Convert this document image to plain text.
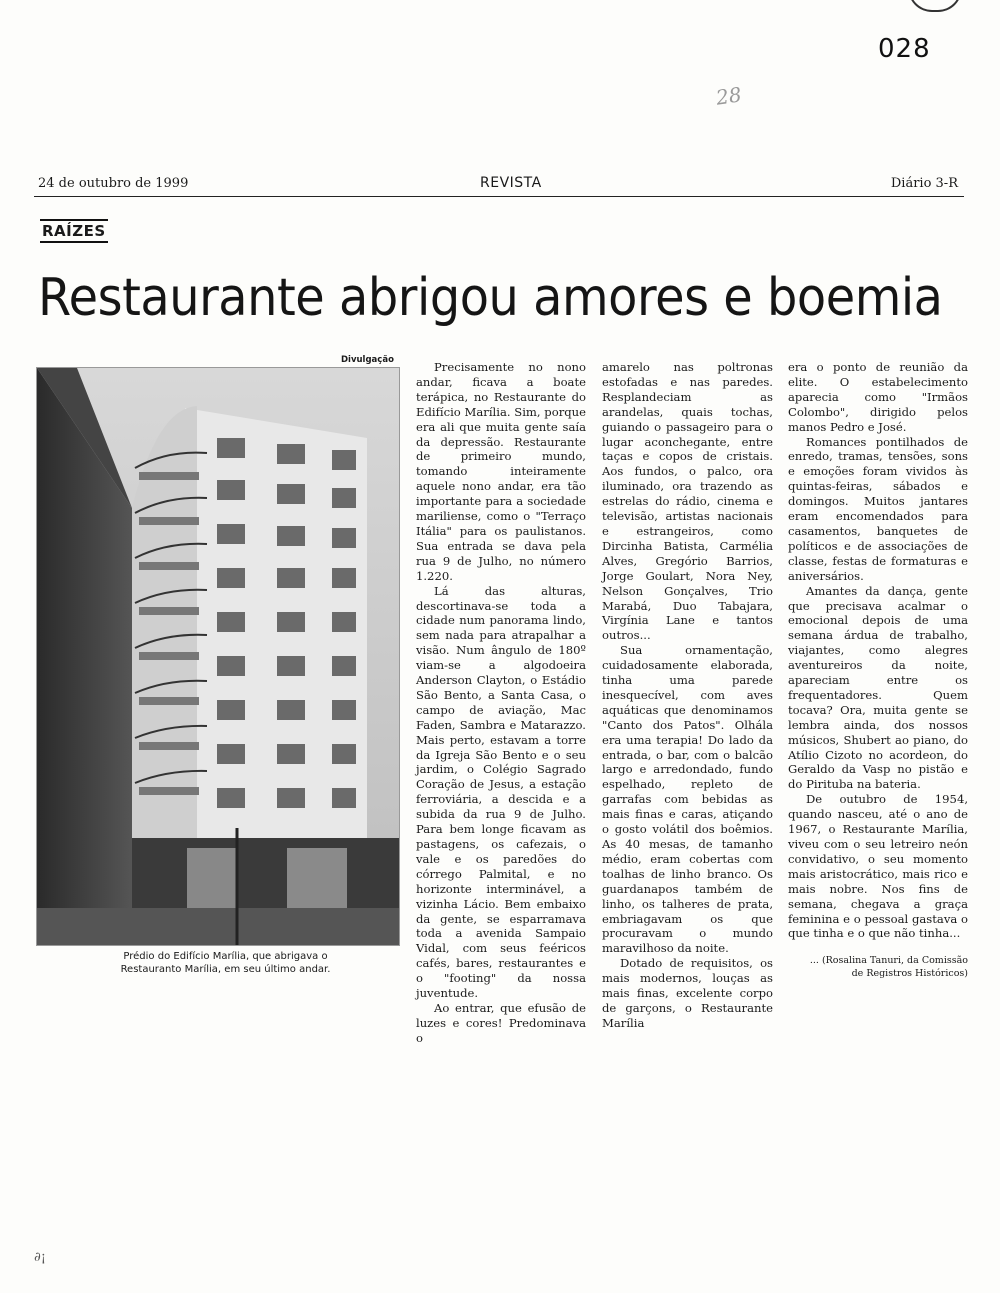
028
28
24 de outubro de 1999	REVISTA	Diário 3-R
RAÍZES
Restaurante abrigou amores e boemia
Divulgação
Prédio do Edifício Marília, que abrigava o Restauranto Marília, em seu último andar.

Precisamente no nono andar, ficava a boate terápica, no Restaurante do Edifício Marília. Sim, porque era ali que muita gente saía da depressão. Restaurante de primeiro mundo, tomando inteiramente aquele nono andar, era tão importante para a sociedade mariliense, como o "Terraço Itália" para os paulistanos. Sua entrada se dava pela rua 9 de Julho, no número 1.220.

Lá das alturas, descortinava-se toda a cidade num panorama lindo, sem nada para atrapalhar a visão. Num ângulo de 180º viam-se a algodoeira Anderson Clayton, o Estádio São Bento, a Santa Casa, o campo de aviação, Mac Faden, Sambra e Matarazzo. Mais perto, estavam a torre da Igreja São Bento e o seu jardim, o Colégio Sagrado Coração de Jesus, a estação ferroviária, a descida e a subida da rua 9 de Julho. Para bem longe ficavam as pastagens, os cafezais, o vale e os paredões do córrego Palmital, e no horizonte interminável, a vizinha Lácio. Bem embaixo da gente, se esparramava toda a avenida Sampaio Vidal, com seus feéricos cafés, bares, restaurantes e o "footing" da nossa juventude.

Ao entrar, que efusão de luzes e cores! Predominava o

amarelo nas poltronas estofadas e nas paredes. Resplandeciam as arandelas, quais tochas, guiando o passageiro para o lugar aconchegante, entre taças e copos de cristais. Aos fundos, o palco, ora iluminado, ora trazendo as estrelas do rádio, cinema e televisão, artistas nacionais e estrangeiros, como Dircinha Batista, Carmélia Alves, Gregório Barrios, Jorge Goulart, Nora Ney, Nelson Gonçalves, Trio Marabá, Duo Tabajara, Virgínia Lane e tantos outros...

Sua ornamentação, cuidadosamente elaborada, tinha uma parede inesquecível, com aves aquáticas que denominamos "Canto dos Patos". Olhála era uma terapia! Do lado da entrada, o bar, com o balcão largo e arredondado, fundo espelhado, repleto de garrafas com bebidas as mais finas e caras, atiçando o gosto volátil dos boêmios. As 40 mesas, de tamanho médio, eram cobertas com toalhas de linho branco. Os guardanapos também de linho, os talheres de prata, embriagavam os que procuravam o mundo maravilhoso da noite.

Dotado de requisitos, os mais modernos, louças as mais finas, excelente corpo de garçons, o Restaurante Marília

era o ponto de reunião da elite. O estabelecimento aparecia como "Irmãos Colombo", dirigido pelos manos Pedro e José.

Romances pontilhados de enredo, tramas, tensões, sons e emoções foram vividos às quintas-feiras, sábados e domingos. Muitos jantares eram encomendados para casamentos, banquetes de políticos e de associações de classe, festas de formaturas e aniversários.

Amantes da dança, gente que precisava acalmar o emocional depois de uma semana árdua de trabalho, viajantes, como alegres aventureiros da noite, apareciam entre os frequentadores. Quem tocava? Ora, muita gente se lembra ainda, dos nossos músicos, Shubert ao piano, do Atílio Cizoto no acordeon, do Geraldo da Vasp no pistão e do Pirituba na bateria.

De outubro de 1954, quando nasceu, até o ano de 1967, o Restaurante Marília, viveu com o seu letreiro neón convidativo, o seu momento mais aristocrático, mais rico e mais nobre. Nos fins de semana, chegava a graça feminina e o pessoal gastava o que tinha e o que não tinha...

... (Rosalina Tanuri, da Comissão de Registros Históricos)
∂¡
